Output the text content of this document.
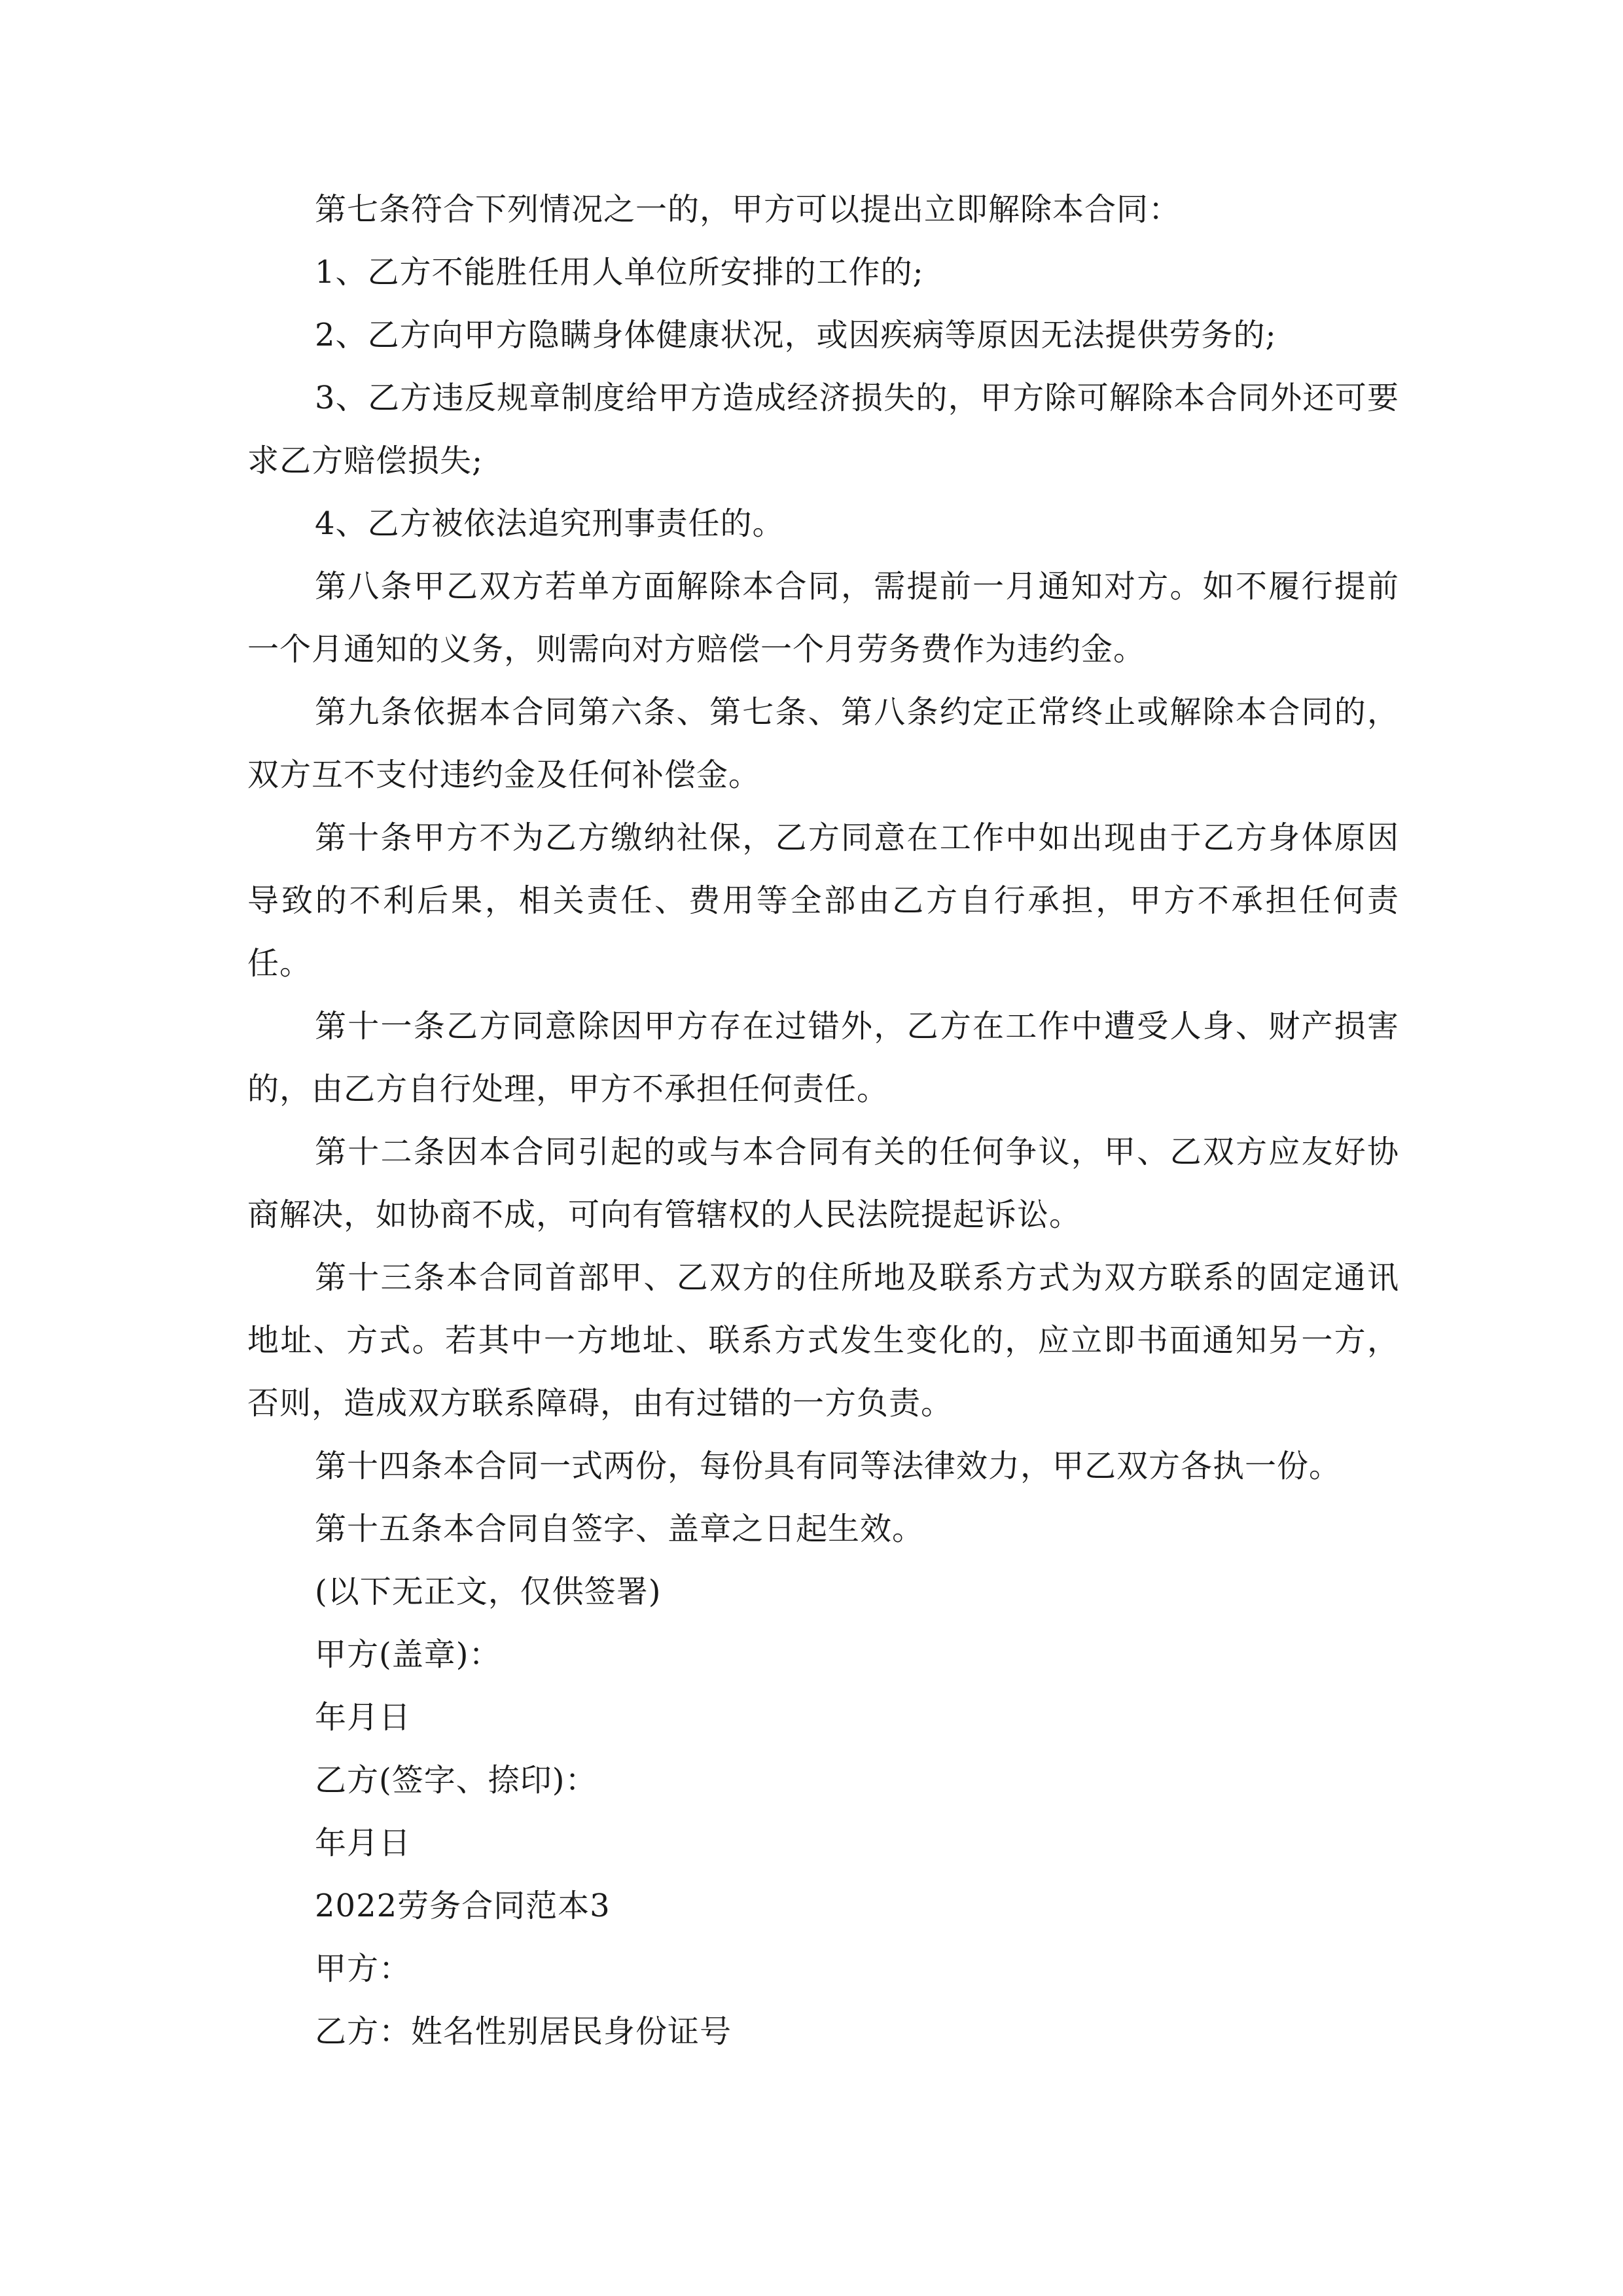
第七条符合下列情况之一的，甲方可以提出立即解除本合同：

1、乙方不能胜任用人单位所安排的工作的;

2、乙方向甲方隐瞒身体健康状况，或因疾病等原因无法提供劳务的;

3、乙方违反规章制度给甲方造成经济损失的，甲方除可解除本合同外还可要求乙方赔偿损失;

4、乙方被依法追究刑事责任的。

第八条甲乙双方若单方面解除本合同，需提前一月通知对方。如不履行提前一个月通知的义务，则需向对方赔偿一个月劳务费作为违约金。

第九条依据本合同第六条、第七条、第八条约定正常终止或解除本合同的，双方互不支付违约金及任何补偿金。

第十条甲方不为乙方缴纳社保，乙方同意在工作中如出现由于乙方身体原因导致的不利后果，相关责任、费用等全部由乙方自行承担，甲方不承担任何责任。

第十一条乙方同意除因甲方存在过错外，乙方在工作中遭受人身、财产损害的，由乙方自行处理，甲方不承担任何责任。

第十二条因本合同引起的或与本合同有关的任何争议，甲、乙双方应友好协商解决，如协商不成，可向有管辖权的人民法院提起诉讼。

第十三条本合同首部甲、乙双方的住所地及联系方式为双方联系的固定通讯地址、方式。若其中一方地址、联系方式发生变化的，应立即书面通知另一方，否则，造成双方联系障碍，由有过错的一方负责。

第十四条本合同一式两份，每份具有同等法律效力，甲乙双方各执一份。

第十五条本合同自签字、盖章之日起生效。

(以下无正文，仅供签署)

甲方(盖章)：

年月日

乙方(签字、捺印)：

年月日

2022劳务合同范本3

甲方：

乙方：姓名性别居民身份证号
